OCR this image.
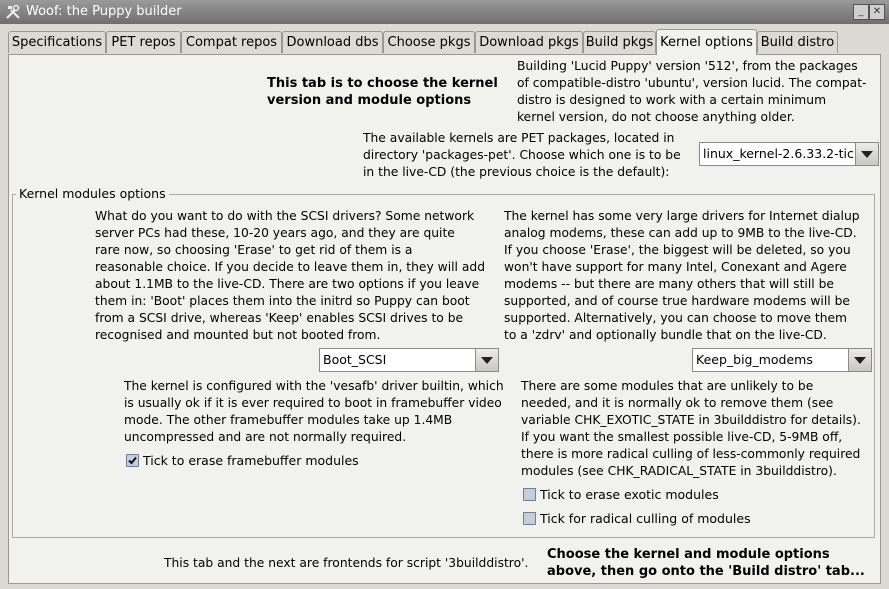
Woof: the Puppy builder	_ ✕
Specifications PET repos Compat repos Download dbs Choose pkgs Download pkgs Build pkgs Kernel options Build distro
This tab is to choose the kernel
version and module options
Building 'Lucid Puppy' version '512', from the packages
of compatible-distro 'ubuntu', version lucid. The compat-
distro is designed to work with a certain minimum
kernel version, do not choose anything older.
The available kernels are PET packages, located in
directory 'packages-pet'. Choose which one is to be
in the live-CD (the previous choice is the default):
linux_kernel-2.6.33.2-tic
Kernel modules options
What do you want to do with the SCSI drivers? Some network
server PCs had these, 10-20 years ago, and they are quite
rare now, so choosing 'Erase' to get rid of them is a
reasonable choice. If you decide to leave them in, they will add
about 1.1MB to the live-CD. There are two options if you leave
them in: 'Boot' places them into the initrd so Puppy can boot
from a SCSI drive, whereas 'Keep' enables SCSI drives to be
recognised and mounted but not booted from.
The kernel has some very large drivers for Internet dialup
analog modems, these can add up to 9MB to the live-CD.
If you choose 'Erase', the biggest will be deleted, so you
won't have support for many Intel, Conexant and Agere
modems -- but there are many others that will still be
supported, and of course true hardware modems will be
supported. Alternatively, you can choose to move them
to a 'zdrv' and optionally bundle that on the live-CD.
Boot_SCSI	Keep_big_modems
The kernel is configured with the 'vesafb' driver builtin, which
is usually ok if it is ever required to boot in framebuffer video
mode. The other framebuffer modules take up 1.4MB
uncompressed and are not normally required.
There are some modules that are unlikely to be
needed, and it is normally ok to remove them (see
variable CHK_EXOTIC_STATE in 3builddistro for details).
If you want the smallest possible live-CD, 5-9MB off,
there is more radical culling of less-commonly required
modules (see CHK_RADICAL_STATE in 3builddistro).
Tick to erase framebuffer modules
Tick to erase exotic modules
Tick for radical culling of modules
This tab and the next are frontends for script '3builddistro'.
Choose the kernel and module options
above, then go onto the 'Build distro' tab...
